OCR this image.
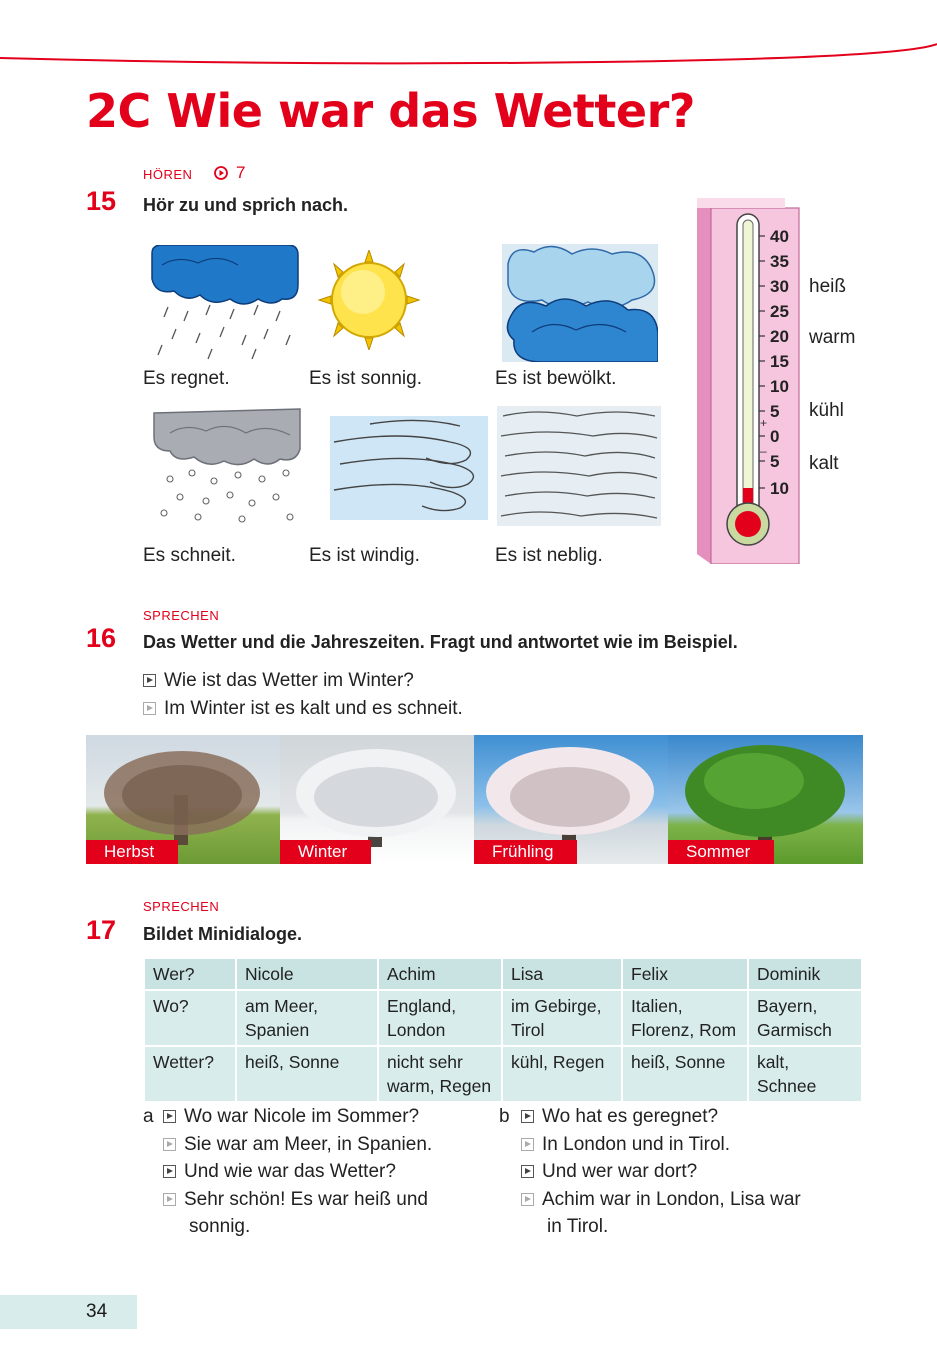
2C Wie war das Wetter?
HÖREN	7
15 Hör zu und sprich nach.
Es regnet.	Es ist sonnig.	Es ist bewölkt.
Es schneit.	Es ist windig.	Es ist neblig.
40
35
30
25
20
15
10
5
0
5
10
+
–
heiß
warm
kühl
kalt
SPRECHEN
16 Das Wetter und die Jahreszeiten. Fragt und antwortet wie im Beispiel.
Wie ist das Wetter im Winter?
Im Winter ist es kalt und es schneit.
Herbst	Winter	Frühling	Sommer
SPRECHEN
17 Bildet Minidialoge.
Wer?	Nicole	Achim	Lisa	Felix	Dominik
Wo?	am Meer, Spanien	England, London	im Gebirge, Tirol	Italien, Florenz, Rom	Bayern, Garmisch
Wetter?	heiß, Sonne	nicht sehr warm, Regen	kühl, Regen	heiß, Sonne	kalt, Schnee
a	Wo war Nicole im Sommer?
Sie war am Meer, in Spanien.
Und wie war das Wetter?
Sehr schön! Es war heiß und
sonnig.
b	Wo hat es geregnet?
In London und in Tirol.
Und wer war dort?
Achim war in London, Lisa war
in Tirol.
34
